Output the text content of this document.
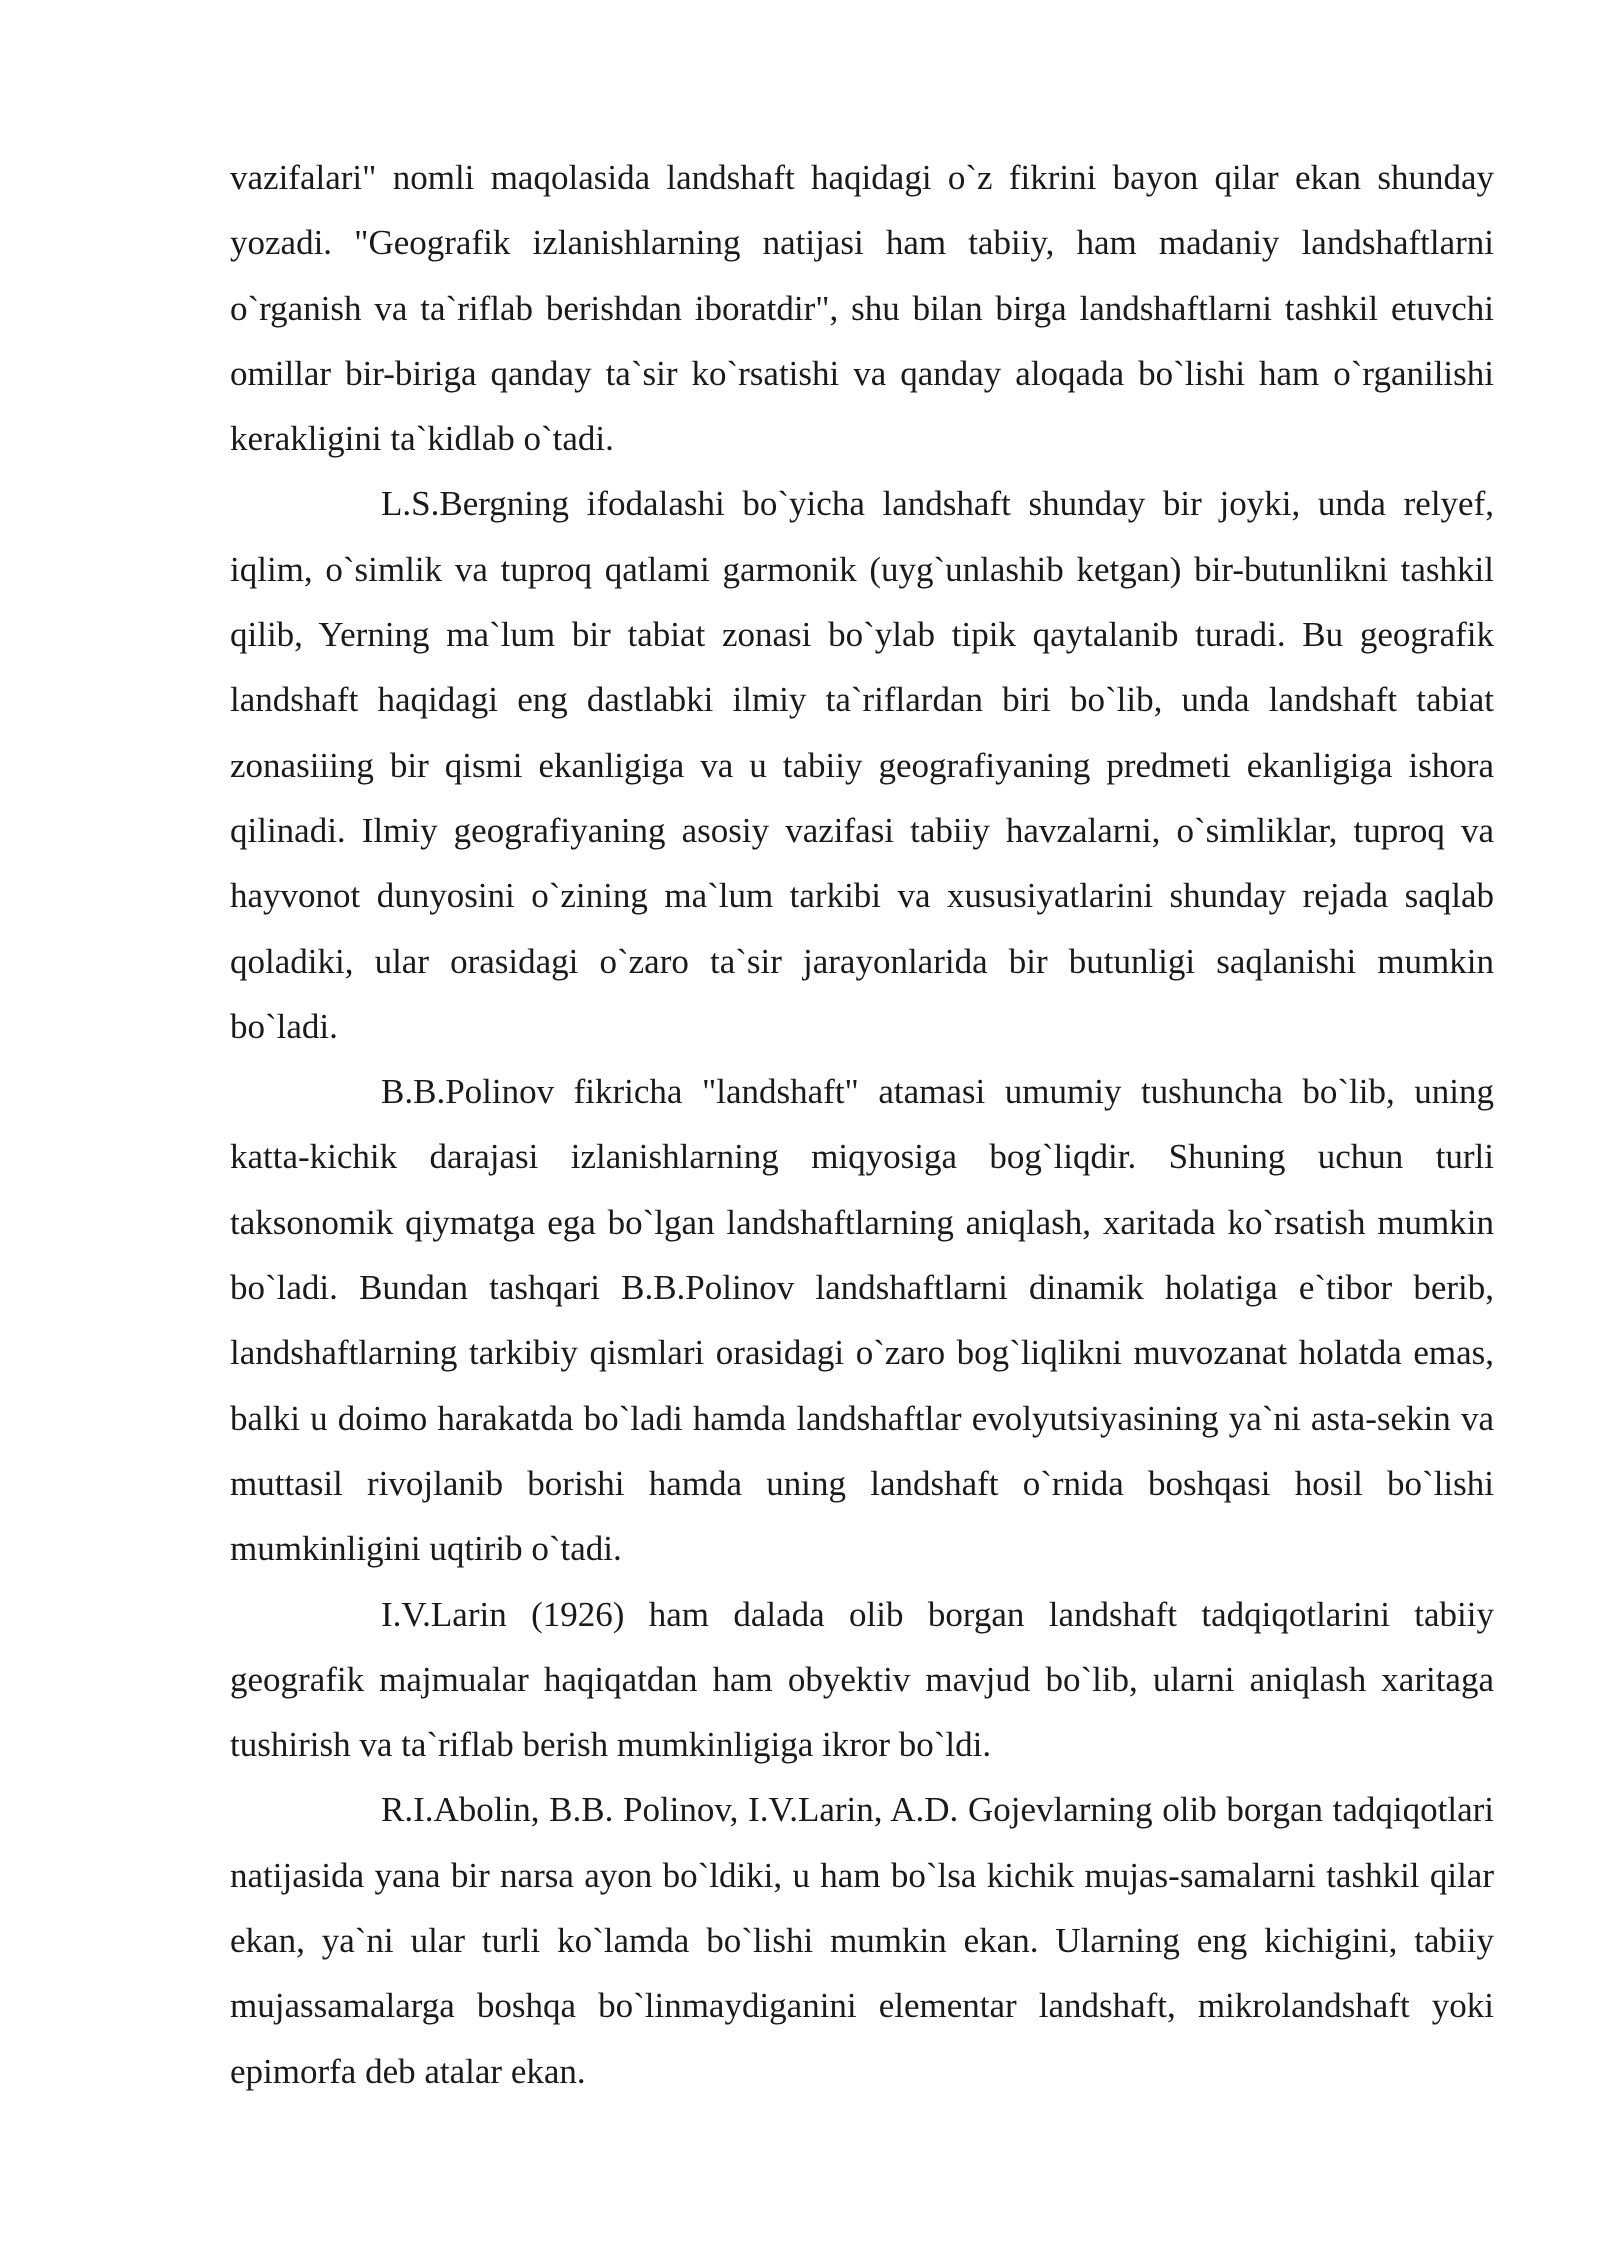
vazifalari" nomli maqolasida landshaft haqidagi o`z fikrini bayon qilar ekan shunday yozadi. "Geografik izlanishlarning natijasi ham tabiiy, ham madaniy landshaftlarni o`rganish va ta`riflab berishdan iboratdir", shu bilan birga landshaftlarni tashkil etuvchi omillar bir-biriga qanday ta`sir ko`rsatishi va qanday aloqada bo`lishi ham o`rganilishi kerakligini ta`kidlab o`tadi.

L.S.Bergning ifodalashi bo`yicha landshaft shunday bir joyki, unda relyef, iqlim, o`simlik va tuproq qatlami garmonik (uyg`unlashib ketgan) bir-butunlikni tashkil qilib, Yerning ma`lum bir tabiat zonasi bo`ylab tipik qaytalanib turadi. Bu geografik landshaft haqidagi eng dastlabki ilmiy ta`riflardan biri bo`lib, unda landshaft tabiat zonasiiing bir qismi ekanligiga va u tabiiy geografiyaning predmeti ekanligiga ishora qilinadi. Ilmiy geografiyaning asosiy vazifasi tabiiy havzalarni, o`simliklar, tuproq va hayvonot dunyosini o`zining ma`lum tarkibi va xususiyatlarini shunday rejada saqlab qoladiki, ular orasidagi o`zaro ta`sir jarayonlarida bir butunligi saqlanishi mumkin bo`ladi.

B.B.Polinov fikricha "landshaft" atamasi umumiy tushuncha bo`lib, uning katta-kichik darajasi izlanishlarning miqyosiga bog`liqdir. Shuning uchun turli taksonomik qiymatga ega bo`lgan landshaftlarning aniqlash, xaritada ko`rsatish mumkin bo`ladi. Bundan tashqari B.B.Polinov landshaftlarni dinamik holatiga e`tibor berib, landshaftlarning tarkibiy qismlari orasidagi o`zaro bog`liqlikni muvozanat holatda emas, balki u doimo harakatda bo`ladi hamda landshaftlar evolyutsiyasining ya`ni asta-sekin va muttasil rivojlanib borishi hamda uning landshaft o`rnida boshqasi hosil bo`lishi mumkinligini uqtirib o`tadi.

I.V.Larin (1926) ham dalada olib borgan landshaft tadqiqotlarini tabiiy geografik majmualar haqiqatdan ham obyektiv mavjud bo`lib, ularni aniqlash xaritaga tushirish va ta`riflab berish mumkinligiga ikror bo`ldi.

R.I.Abolin, B.B. Polinov, I.V.Larin, A.D. Gojevlarning olib borgan tadqiqotlari natijasida yana bir narsa ayon bo`ldiki, u ham bo`lsa kichik mujas-samalarni tashkil qilar ekan, ya`ni ular turli ko`lamda bo`lishi mumkin ekan. Ularning eng kichigini, tabiiy mujassamalarga boshqa bo`linmaydiganini elementar landshaft, mikrolandshaft yoki epimorfa deb atalar ekan.
